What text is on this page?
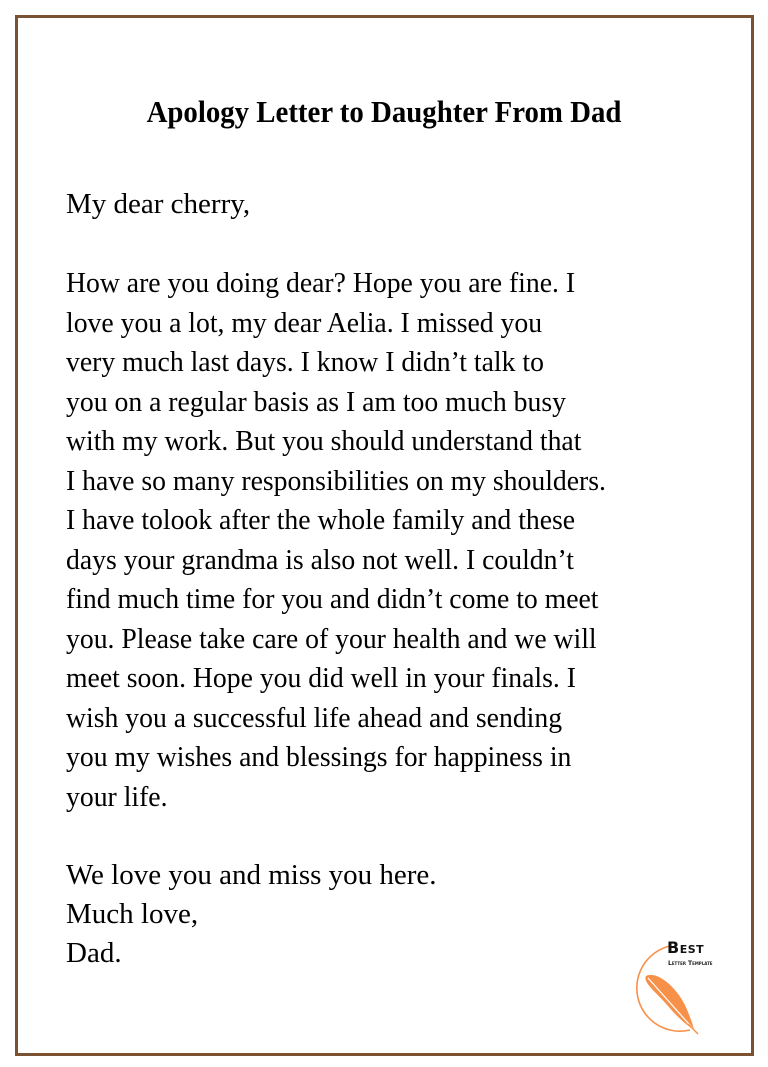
Apology Letter to Daughter From Dad
My dear cherry,
How are you doing dear? Hope you are fine. I
love you a lot, my dear Aelia. I missed you
very much last days. I know I didn’t talk to
you on a regular basis as I am too much busy
with my work. But you should understand that
I have so many responsibilities on my shoulders.
I have tolook after the whole family and these
days your grandma is also not well. I couldn’t
find much time for you and didn’t come to meet
you. Please take care of your health and we will
meet soon. Hope you did well in your finals. I
wish you a successful life ahead and sending
you my wishes and blessings for happiness in
your life.
We love you and miss you here.
Much love,
Dad.	Best
Letter Template
